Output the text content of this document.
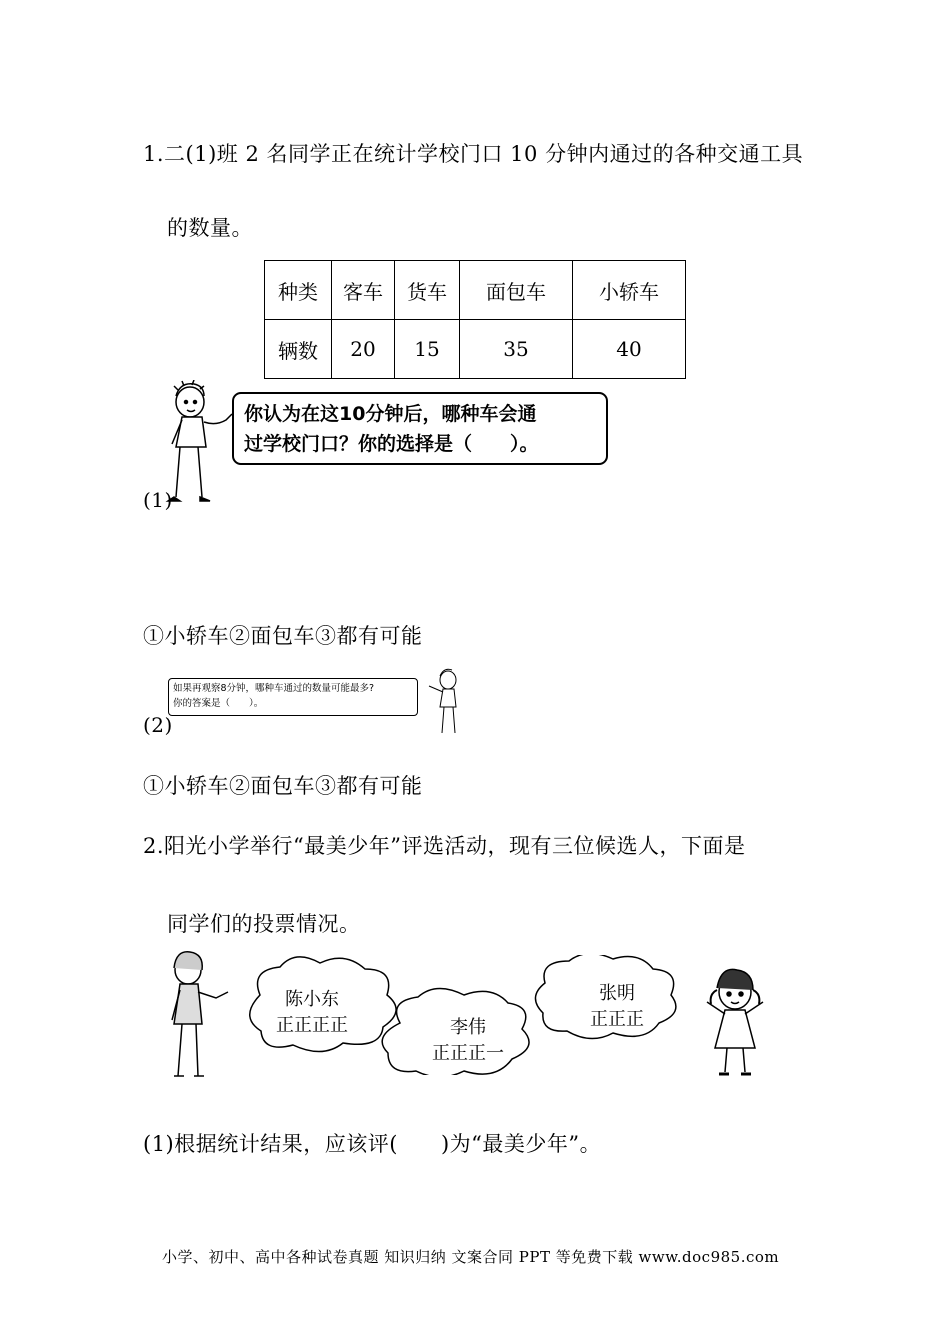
1.二(1)班 2 名同学正在统计学校门口 10 分钟内通过的各种交通工具
的数量。
种类	客车	货车	面包车	小轿车
辆数	20	15	35	40
你认为在这10分钟后，哪种车会通
过学校门口？你的选择是（　　）。
(1)
①小轿车②面包车③都有可能
如果再观察8分钟，哪种车通过的数量可能最多?
你的答案是（　　）。
(2)
①小轿车②面包车③都有可能
2.阳光小学举行“最美少年”评选活动，现有三位候选人，下面是
同学们的投票情况。
陈小东
正正正正	李伟
正正正一
张明
正正正
(1)根据统计结果，应该评(　　)为“最美少年”。
小学、初中、高中各种试卷真题 知识归纳 文案合同 PPT 等免费下载 www.doc985.com
